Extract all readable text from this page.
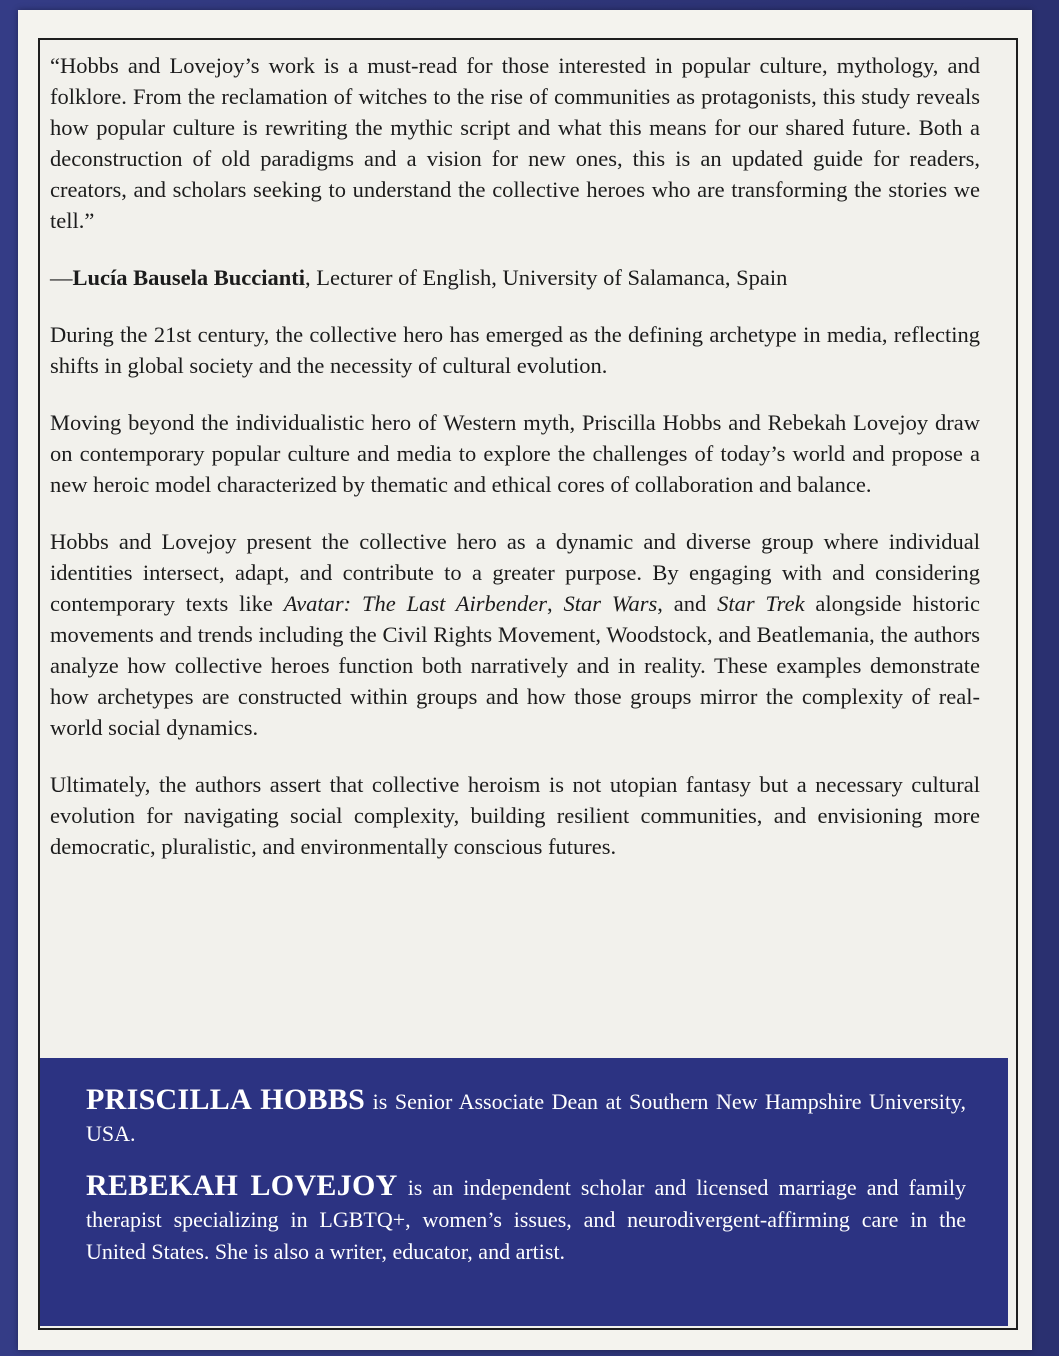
“Hobbs and Lovejoy’s work is a must-read for those interested in popular culture, mythology, and folklore. From the reclamation of witches to the rise of communities as protagonists, this study reveals how popular culture is rewriting the mythic script and what this means for our shared future. Both a deconstruction of old paradigms and a vision for new ones, this is an updated guide for readers, creators, and scholars seeking to understand the collective heroes who are transforming the stories we tell.”

—Lucía Bausela Buccianti, Lecturer of English, University of Salamanca, Spain

During the 21st century, the collective hero has emerged as the defining archetype in media, reflecting shifts in global society and the necessity of cultural evolution.

Moving beyond the individualistic hero of Western myth, Priscilla Hobbs and Rebekah Lovejoy draw on contemporary popular culture and media to explore the challenges of today’s world and propose a new heroic model characterized by thematic and ethical cores of collaboration and balance.

Hobbs and Lovejoy present the collective hero as a dynamic and diverse group where individual identities intersect, adapt, and contribute to a greater purpose. By engaging with and considering contemporary texts like Avatar: The Last Airbender, Star Wars, and Star Trek alongside historic movements and trends including the Civil Rights Movement, Woodstock, and Beatlemania, the authors analyze how collective heroes function both narratively and in reality. These examples demonstrate how archetypes are constructed within groups and how those groups mirror the complexity of real-world social dynamics.

Ultimately, the authors assert that collective heroism is not utopian fantasy but a necessary cultural evolution for navigating social complexity, building resilient communities, and envisioning more democratic, pluralistic, and environmentally conscious futures.

PRISCILLA HOBBS is Senior Associate Dean at Southern New Hampshire University, USA.

REBEKAH LOVEJOY is an independent scholar and licensed marriage and family therapist specializing in LGBTQ+, women’s issues, and neurodivergent-affirming care in the United States. She is also a writer, educator, and artist.
